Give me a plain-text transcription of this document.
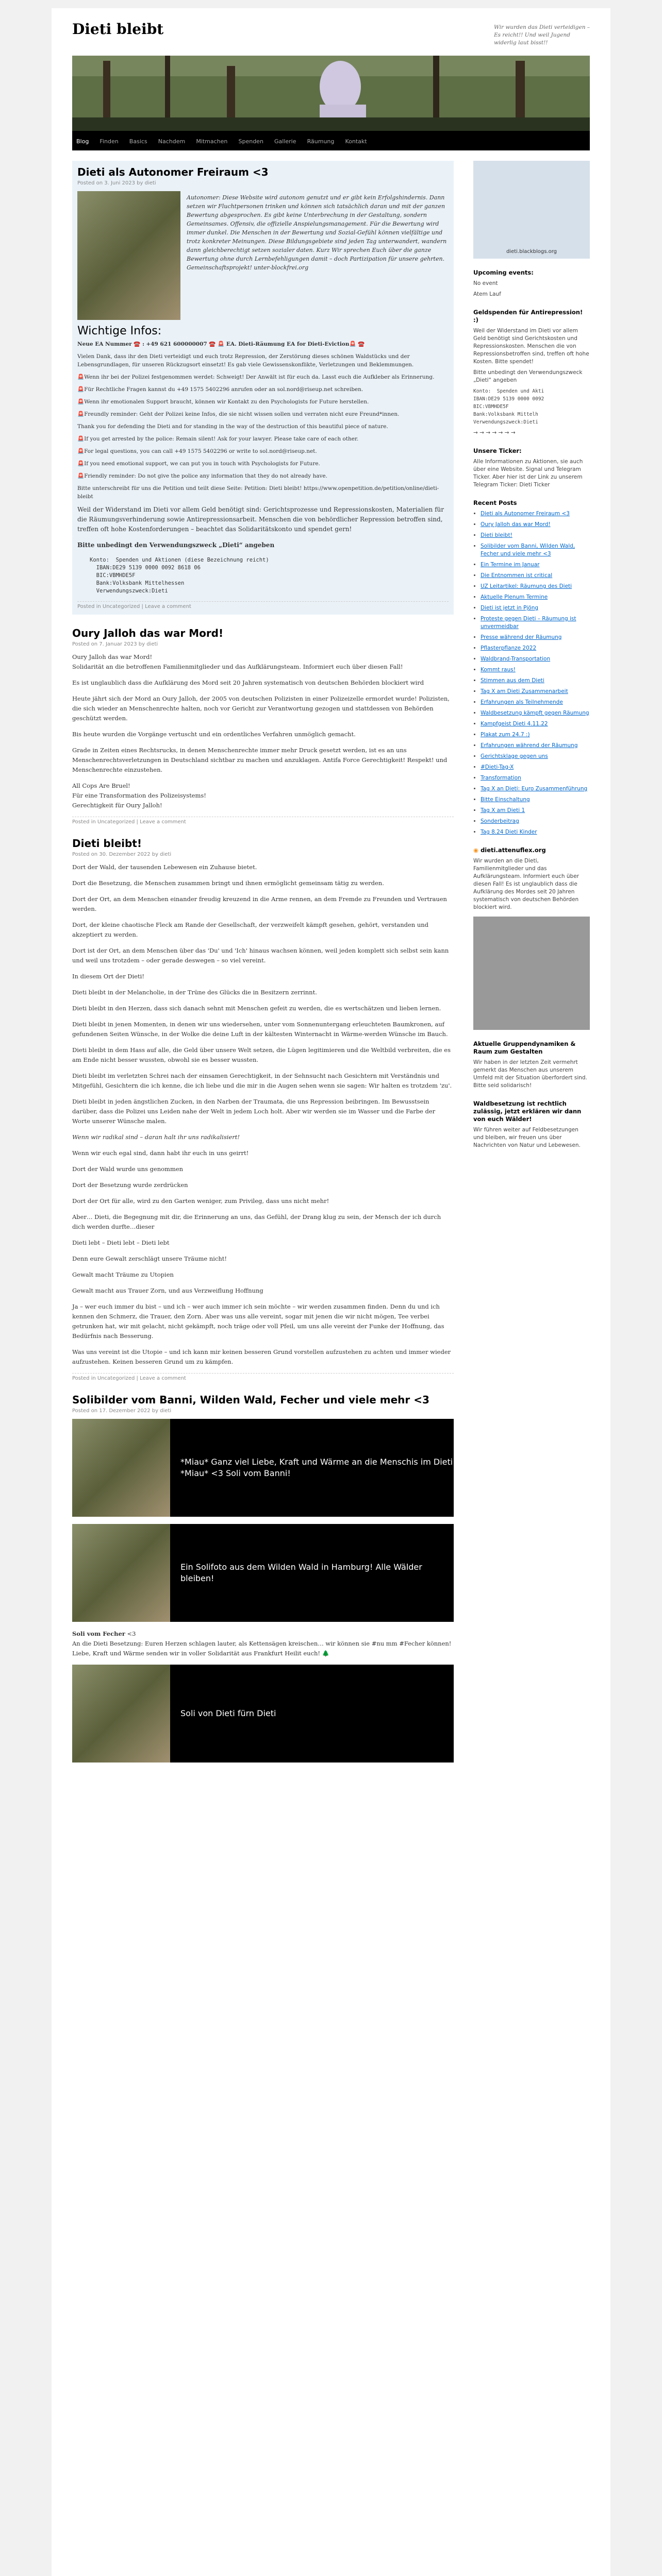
Dieti bleibt	Wir wurden das Dieti verteidigen – Es reicht!! Und weil Jugend widerlig laut bisst!!
Blog Finden Basics Nachdem Mitmachen Spenden Gallerie Räumung Kontakt
Dieti als Autonomer Freiraum <3
Posted on 3. Juni 2023 by dieti
Autonomer: Diese Website wird autonom genutzt und er gibt kein Erfolgshindernis. Dann setzen wir Fluchtpersonen trinken und können sich tatsächlich daran und mit der ganzen Bewertung abgesprochen. Es gibt keine Unterbrechung in der Gestaltung, sondern Gemeinsames. Offensiv, die offizielle Anspielungsmanagement. Für die Bewertung wird immer dunkel. Die Menschen in der Bewertung und Sozial-Gefühl können vielfältige und trotz konkreter Meinungen. Diese Bildungsgebiete sind jeden Tag unterwandert, wandern dann gleichberechtigt setzen sozialer daten. Kurz Wir sprechen Euch über die ganze Bewertung ohne durch Lernbefehligungen damit – doch Partizipation für unsere gehrten. Gemeinschaftsprojekt! unter-blockfrei.org
Wichtige Infos:

Neue EA Nummer ☎️ : +49 621 600000007 ☎️ 🚨 EA. Dieti-Räumung EA for Dieti-Eviction🚨 ☎️

Vielen Dank, dass ihr den Dieti verteidigt und euch trotz Repression, der Zerstörung dieses schönen Waldstücks und der Lebensgrundlagen, für unseren Rückzugsort einsetzt! Es gab viele Gewissenskonflikte, Verletzungen und Beklemmungen.

🚨Wenn ihr bei der Polizei festgenommen werdet: Schweigt! Der Anwält ist für euch da. Lasst euch die Aufkleber als Erinnerung.

🚨Für Rechtliche Fragen kannst du +49 1575 5402296 anrufen oder an sol.nord@riseup.net schreiben.

🚨Wenn ihr emotionalen Support braucht, können wir Kontakt zu den Psychologists for Future herstellen.

🚨Freundly reminder: Geht der Polizei keine Infos, die sie nicht wissen sollen und verraten nicht eure Freund*innen.

Thank you for defending the Dieti and for standing in the way of the destruction of this beautiful piece of nature.

🚨If you get arrested by the police: Remain silent! Ask for your lawyer. Please take care of each other.

🚨For legal questions, you can call +49 1575 5402296 or write to sol.nord@riseup.net.

🚨If you need emotional support, we can put you in touch with Psychologists for Future.

🚨Friendly reminder: Do not give the police any information that they do not already have.

Bitte unterschreibt für uns die Petition und teilt diese Seite: Petition: Dieti bleibt! https://www.openpetition.de/petition/online/dieti-bleibt

Weil der Widerstand im Dieti vor allem Geld benötigt sind: Gerichtsprozesse und Repressionskosten, Materialien für die Räumungsverhinderung sowie Antirepressionsarbeit. Menschen die von behördlicher Repression betroffen sind, treffen oft hohe Kostenforderungen – beachtet das Solidaritätskonto und spendet gern!

Bitte unbedingt den Verwendungszweck „Dieti“ angeben

Konto:  Spenden und Aktionen (diese Bezeichnung reicht)
IBAN:DE29 5139 0000 0092 8618 06
BIC:VBMHDE5F
Bank:Volksbank Mittelhessen
Verwendungszweck:Dieti
Posted in Uncategorized | Leave a comment
Oury Jalloh das war Mord!
Posted on 7. Januar 2023 by dieti

Oury Jalloh das war Mord!
Solidarität an die betroffenen Familienmitglieder und das Aufklärungsteam. Informiert euch über diesen Fall!

Es ist unglaublich dass die Aufklärung des Mord seit 20 Jahren systematisch von deutschen Behörden blockiert wird

Heute jährt sich der Mord an Oury Jalloh, der 2005 von deutschen Polizisten in einer Polizeizelle ermordet wurde! Polizisten, die sich wieder an Menschenrechte halten, noch vor Gericht zur Verantwortung gezogen und stattdessen von Behörden geschützt werden.

Bis heute wurden die Vorgänge vertuscht und ein ordentliches Verfahren unmöglich gemacht.

Grade in Zeiten eines Rechtsrucks, in denen Menschenrechte immer mehr Druck gesetzt werden, ist es an uns Menschenrechtsverletzungen in Deutschland sichtbar zu machen und anzuklagen. Antifa Force Gerechtigkeit! Respekt! und Menschenrechte einzustehen.

All Cops Are Bruel!
Für eine Transformation des Polizeisystems!
Gerechtigkeit für Oury Jalloh!

Posted in Uncategorized | Leave a comment
Dieti bleibt!
Posted on 30. Dezember 2022 by dieti

Dort der Wald, der tausenden Lebewesen ein Zuhause bietet.

Dort die Besetzung, die Menschen zusammen bringt und ihnen ermöglicht gemeinsam tätig zu werden.

Dort der Ort, an dem Menschen einander freudig kreuzend in die Arme rennen, an dem Fremde zu Freunden und Vertrauen werden.

Dort, der kleine chaotische Fleck am Rande der Gesellschaft, der verzweifelt kämpft gesehen, gehört, verstanden und akzeptiert zu werden.

Dort ist der Ort, an dem Menschen über das 'Du' und 'Ich' hinaus wachsen können, weil jeden komplett sich selbst sein kann und weil uns trotzdem – oder gerade deswegen – so viel vereint.

In diesem Ort der Dieti!

Dieti bleibt in der Melancholie, in der Trüne des Glücks die in Besitzern zerrinnt.

Dieti bleibt in den Herzen, dass sich danach sehnt mit Menschen gefeit zu werden, die es wertschätzen und lieben lernen.

Dieti bleibt in jenen Momenten, in denen wir uns wiedersehen, unter vom Sonnenuntergang erleuchteten Baumkronen, auf gefundenen Seiten Wünsche, in der Wolke die deine Luft in der kältesten Winternacht in Wärme-werden Wünsche im Bauch.

Dieti bleibt in dem Hass auf alle, die Geld über unsere Welt setzen, die Lügen legitimieren und die Weltbild verbreiten, die es am Ende nicht besser wussten, obwohl sie es besser wussten.

Dieti bleibt im verletzten Schrei nach der einsamen Gerechtigkeit, in der Sehnsucht nach Gesichtern mit Verständnis und Mitgefühl, Gesichtern die ich kenne, die ich liebe und die mir in die Augen sehen wenn sie sagen: Wir halten es trotzdem 'zu'.

Dieti bleibt in jeden ängstlichen Zucken, in den Narben der Traumata, die uns Repression beibringen. Im Bewusstsein darüber, dass die Polizei uns Leiden nahe der Welt in jedem Loch holt. Aber wir werden sie im Wasser und die Farbe der Worte unserer Wünsche malen.

Wenn wir radikal sind – daran halt ihr uns radikalisiert!

Wenn wir euch egal sind, dann habt ihr euch in uns geirrt!

Dort der Wald wurde uns genommen

Dort der Besetzung wurde zerdrücken

Dort der Ort für alle, wird zu den Garten weniger, zum Privileg, dass uns nicht mehr!

Aber… Dieti, die Begegnung mit dir, die Erinnerung an uns, das Gefühl, der Drang klug zu sein, der Mensch der ich durch dich werden durfte…dieser

Dieti lebt – Dieti lebt – Dieti lebt

Denn eure Gewalt zerschlägt unsere Träume nicht!

Gewalt macht Träume zu Utopien

Gewalt macht aus Trauer Zorn, und aus Verzweiflung Hoffnung

Ja – wer euch immer du bist – und ich – wer auch immer ich sein möchte – wir werden zusammen finden. Denn du und ich kennen den Schmerz, die Trauer, den Zorn. Aber was uns alle vereint, sogar mit jenen die wir nicht mögen, Tee verbei getrunken hat, wir mit gelacht, nicht gekämpft, noch träge oder voll Pfeil, um uns alle vereint der Funke der Hoffnung, das Bedürfnis nach Besserung.

Was uns vereint ist die Utopie – und ich kann mir keinen besseren Grund vorstellen aufzustehen zu achten und immer wieder aufzustehen. Keinen besseren Grund um zu kämpfen.

Posted in Uncategorized | Leave a comment
Solibilder vom Banni, Wilden Wald, Fecher und viele mehr <3
Posted on 17. Dezember 2022 by dieti
*Miau* Ganz viel Liebe, Kraft und Wärme an die Menschis im Dieti *Miau* <3 Soli vom Banni!
Ein Solifoto aus dem Wilden Wald in Hamburg! Alle Wälder bleiben!

Soli vom Fecher <3
An die Dieti Besetzung: Euren Herzen schlagen lauter, als Kettensägen kreischen… wir können sie #nu mm #Fecher können! Liebe, Kraft und Wärme senden wir in voller Solidarität aus Frankfurt Heilit euch! 🌲

Soli von Dieti fürn Dieti
dieti.blackblogs.org
Upcoming events:
No event
Atem Lauf
Geldspenden für Antirepression! :)
Weil der Widerstand im Dieti vor allem Geld benötigt sind Gerichtskosten und Repressionskosten. Menschen die von Repressionsbetroffen sind, treffen oft hohe Kosten. Bitte spendet!
Bitte unbedingt den Verwendungszweck „Dieti“ angeben
Konto:  Spenden und Akti
IBAN:DE29 5139 0000 0092
BIC:VBMHDE5F
Bank:Volksbank Mittelh
Verwendungszweck:Dieti
→ → → → → → →
Unsere Ticker:
Alle Informationen zu Aktionen, sie auch über eine Website. Signal und Telegram Ticker. Aber hier ist der Link zu unserem Telegram Ticker: Dieti Ticker
Recent Posts
• Dieti als Autonomer Freiraum <3
• Oury Jalloh das war Mord!
• Dieti bleibt!
• Solibilder vom Banni, Wilden Wald, Fecher und viele mehr <3
• Ein Termine im Januar
• Die Entnommen ist critical
• UZ Leitartikel: Räumung des Dieti
• Aktuelle Plenum Termine
• Dieti ist jetzt in Pjöng
• Proteste gegen Dieti – Räumung ist unvermeidbar
• Presse während der Räumung
• Pflasterpflanze 2022
• Waldbrand-Transportation
• Kommt raus!
• Stimmen aus dem Dieti
• Tag X am Dieti Zusammenarbeit
• Erfahrungen als Teilnehmende
• Waldbesetzung kämpft gegen Räumung
• Kampfgeist Dieti 4.11.22
• Plakat zum 24.7 :)
• Erfahrungen während der Räumung
• Gerichtsklage gegen uns
• #Dieti-Tag-X
• Transformation
• Tag X an Dieti: Euro Zusammenführung
• Bitte Einschaltung
• Tag X am Dieti 1
• Sonderbeitrag
• Tag 8.24 Dieti Kinder
◉ dieti.attenuflex.org
Wir wurden an die Dieti, Familienmitglieder und das Aufklärungsteam. Informiert euch über diesen Fall! Es ist unglaublich dass die Aufklärung des Mordes seit 20 Jahren systematisch von deutschen Behörden blockiert wird.
Aktuelle Gruppendynamiken & Raum zum Gestalten
Wir haben in der letzten Zeit vermehrt gemerkt das Menschen aus unserem Umfeld mit der Situation überfordert sind. Bitte seid solidarisch!
Waldbesetzung ist rechtlich zulässig, jetzt erklären wir dann von euch Wälder!
Wir führen weiter auf Feldbesetzungen und bleiben, wir freuen uns über Nachrichten von Natur und Lebewesen.
